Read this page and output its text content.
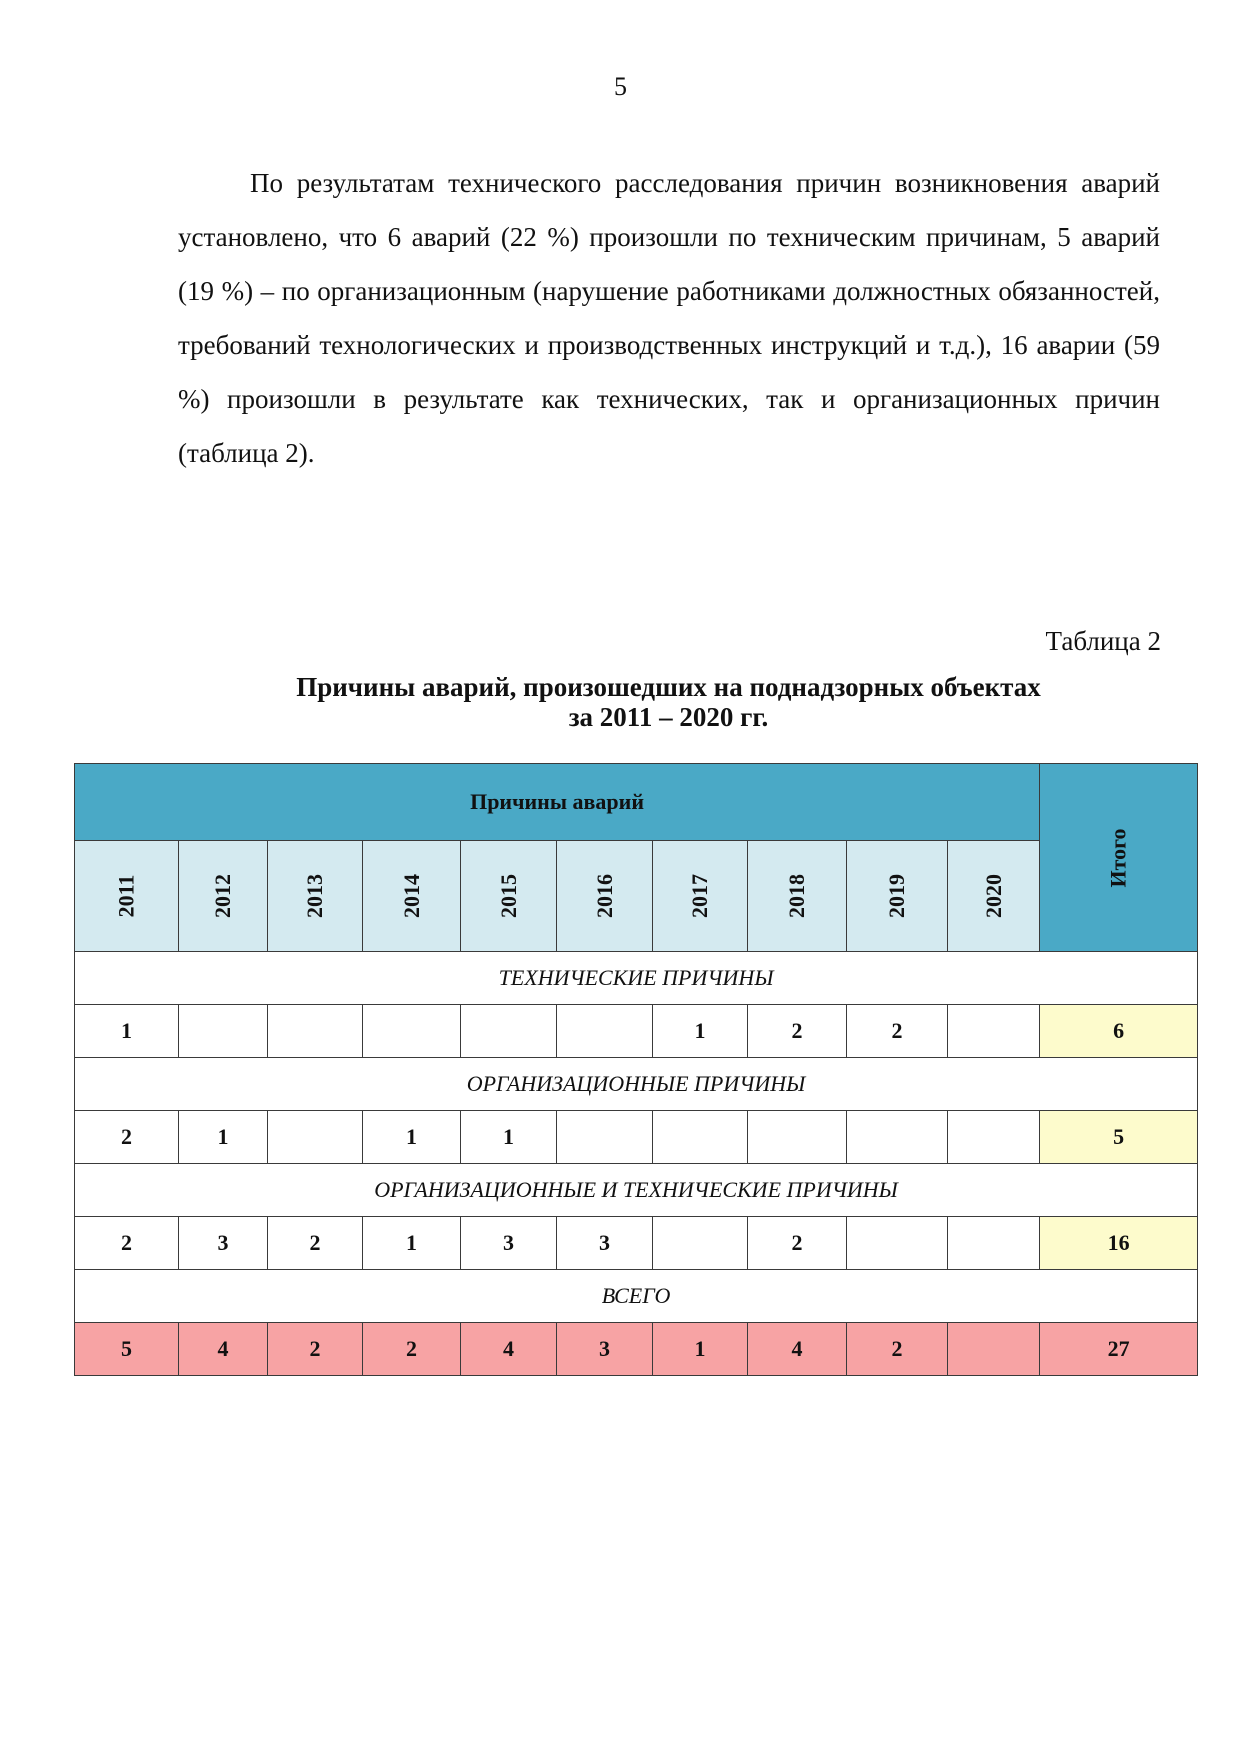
5

По результатам технического расследования причин возникновения аварий установлено, что 6 аварий (22 %) произошли по техническим причинам, 5 аварий (19 %) – по организационным (нарушение работниками должностных обязанностей, требований технологических и производственных инструкций и т.д.), 16 аварии (59 %) произошли в результате как технических, так и организационных причин (таблица 2).

Таблица 2
Причины аварий, произошедших на поднадзорных объектах
за 2011 – 2020 гг.
Причины аварий										Итого
2011	2012	2013	2014	2015	2016	2017	2018	2019	2020	
ТЕХНИЧЕСКИЕ ПРИЧИНЫ										
1						1	2	2		6
ОРГАНИЗАЦИОННЫЕ ПРИЧИНЫ										
2	1		1	1						5
ОРГАНИЗАЦИОННЫЕ И ТЕХНИЧЕСКИЕ ПРИЧИНЫ										
2	3	2	1	3	3		2			16
ВСЕГО										
5	4	2	2	4	3	1	4	2		27
